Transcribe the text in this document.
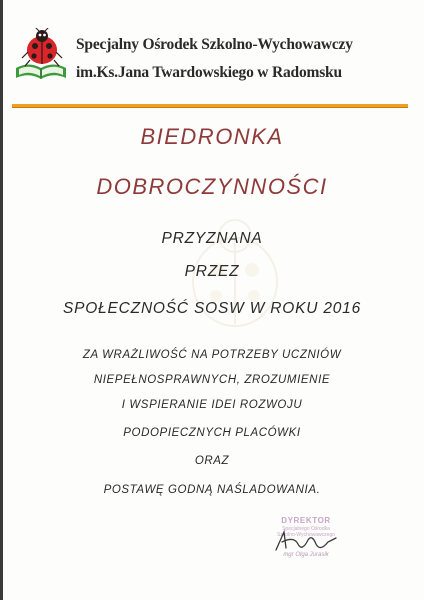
Specjalny Ośrodek Szkolno-Wychowawczy
im.Ks.Jana Twardowskiego w Radomsku
BIEDRONKA
DOBROCZYNNOŚCI
PRZYZNANA
PRZEZ
SPOŁECZNOŚĆ SOSW W ROKU 2016
ZA WRAŻLIWOŚĆ NA POTRZEBY UCZNIÓW
NIEPEŁNOSPRAWNYCH, ZROZUMIENIE
I WSPIERANIE IDEI ROZWOJU
PODOPIECZNYCH PLACÓWKI
ORAZ
POSTAWĘ GODNĄ NAŚLADOWANIA.
DYREKTOR
Specjalnego Ośrodka
Szkolno-Wychowawczego
mgr Olga Jurasik
